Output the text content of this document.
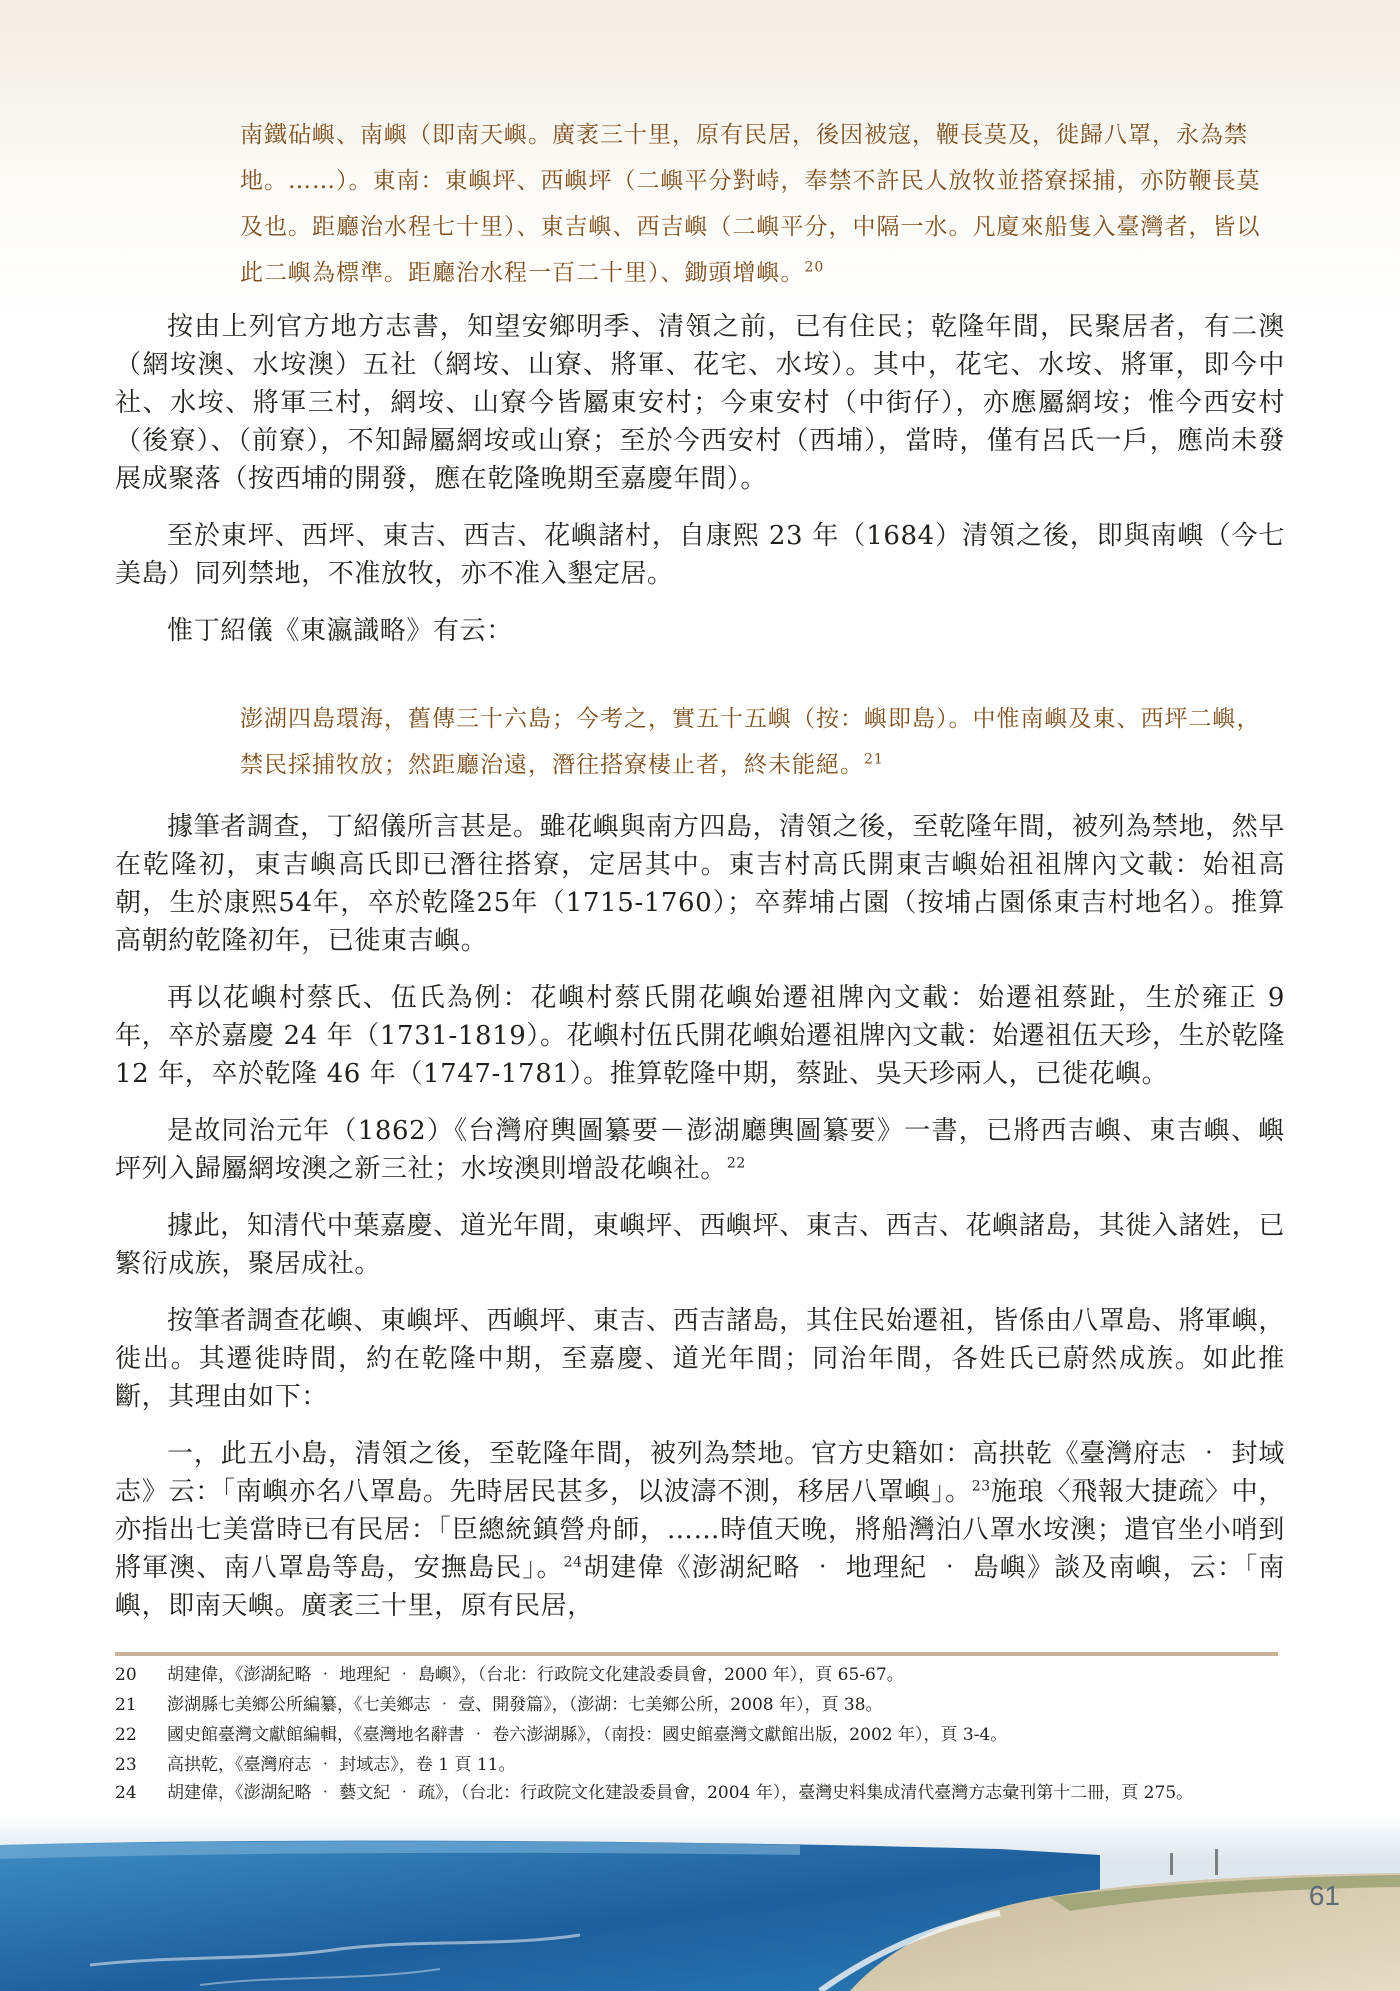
南鐵砧嶼、南嶼（即南天嶼。廣袤三十里，原有民居，後因被寇，鞭長莫及，徙歸八罩，永為禁地。……）。東南：東嶼坪、西嶼坪（二嶼平分對峙，奉禁不許民人放牧並搭寮採捕，亦防鞭長莫及也。距廳治水程七十里）、東吉嶼、西吉嶼（二嶼平分，中隔一水。凡廈來船隻入臺灣者，皆以此二嶼為標準。距廳治水程一百二十里）、鋤頭增嶼。$^{20}$

按由上列官方地方志書，知望安鄉明季、清領之前，已有住民；乾隆年間，民聚居者，有二澳（網垵澳、水垵澳）五社（網垵、山寮、將軍、花宅、水垵）。其中，花宅、水垵、將軍，即今中社、水垵、將軍三村，網垵、山寮今皆屬東安村；今東安村（中街仔），亦應屬網垵；惟今西安村（後寮）、（前寮），不知歸屬網垵或山寮；至於今西安村（西埔），當時，僅有呂氏一戶，應尚未發展成聚落（按西埔的開發，應在乾隆晚期至嘉慶年間）。

至於東坪、西坪、東吉、西吉、花嶼諸村，自康熙 23 年（1684）清領之後，即與南嶼（今七美島）同列禁地，不准放牧，亦不准入墾定居。

惟丁紹儀《東瀛識略》有云：

澎湖四島環海，舊傳三十六島；今考之，實五十五嶼（按：嶼即島）。中惟南嶼及東、西坪二嶼，禁民採捕牧放；然距廳治遠，潛往搭寮棲止者，終未能絕。$^{21}$

據筆者調查，丁紹儀所言甚是。雖花嶼與南方四島，清領之後，至乾隆年間，被列為禁地，然早在乾隆初，東吉嶼高氏即已潛往搭寮，定居其中。東吉村高氏開東吉嶼始祖祖牌內文載：始祖高朝，生於康熙54年，卒於乾隆25年（1715-1760）；卒葬埔占園（按埔占園係東吉村地名）。推算高朝約乾隆初年，已徙東吉嶼。

再以花嶼村蔡氏、伍氏為例：花嶼村蔡氏開花嶼始遷祖牌內文載：始遷祖蔡趾，生於雍正 9 年，卒於嘉慶 24 年（1731-1819）。花嶼村伍氏開花嶼始遷祖牌內文載：始遷祖伍天珍，生於乾隆 12 年，卒於乾隆 46 年（1747-1781）。推算乾隆中期，蔡趾、吳天珍兩人，已徙花嶼。

是故同治元年（1862）《台灣府輿圖纂要－澎湖廳輿圖纂要》一書，已將西吉嶼、東吉嶼、嶼坪列入歸屬網垵澳之新三社；水垵澳則增設花嶼社。$^{22}$

據此，知清代中葉嘉慶、道光年間，東嶼坪、西嶼坪、東吉、西吉、花嶼諸島，其徙入諸姓，已繁衍成族，聚居成社。

按筆者調查花嶼、東嶼坪、西嶼坪、東吉、西吉諸島，其住民始遷祖，皆係由八罩島、將軍嶼，徙出。其遷徙時間，約在乾隆中期，至嘉慶、道光年間；同治年間，各姓氏已蔚然成族。如此推斷，其理由如下：

一，此五小島，清領之後，至乾隆年間，被列為禁地。官方史籍如：高拱乾《臺灣府志 ‧ 封域志》云：「南嶼亦名八罩島。先時居民甚多，以波濤不測，移居八罩嶼」。$^{23}$施琅〈飛報大捷疏〉中，亦指出七美當時已有民居：「臣總統鎮營舟師，……時值天晚，將船灣泊八罩水垵澳；遣官坐小哨到將軍澳、南八罩島等島，安撫島民」。$^{24}$胡建偉《澎湖紀略 ‧ 地理紀 ‧ 島嶼》談及南嶼，云：「南嶼，即南天嶼。廣袤三十里，原有民居，

20 胡建偉，《澎湖紀略 ‧ 地理紀 ‧ 島嶼》，（台北：行政院文化建設委員會，2000 年），頁 65-67。
21 澎湖縣七美鄉公所編纂，《七美鄉志 ‧ 壹、開發篇》，（澎湖：七美鄉公所，2008 年），頁 38。
22 國史館臺灣文獻館編輯，《臺灣地名辭書 ‧ 卷六澎湖縣》，（南投：國史館臺灣文獻館出版，2002 年），頁 3-4。
23 高拱乾，《臺灣府志 ‧ 封域志》，卷 1 頁 11。
24 胡建偉，《澎湖紀略 ‧ 藝文紀 ‧ 疏》，（台北：行政院文化建設委員會，2004 年），臺灣史料集成清代臺灣方志彙刊第十二冊，頁 275。
61
